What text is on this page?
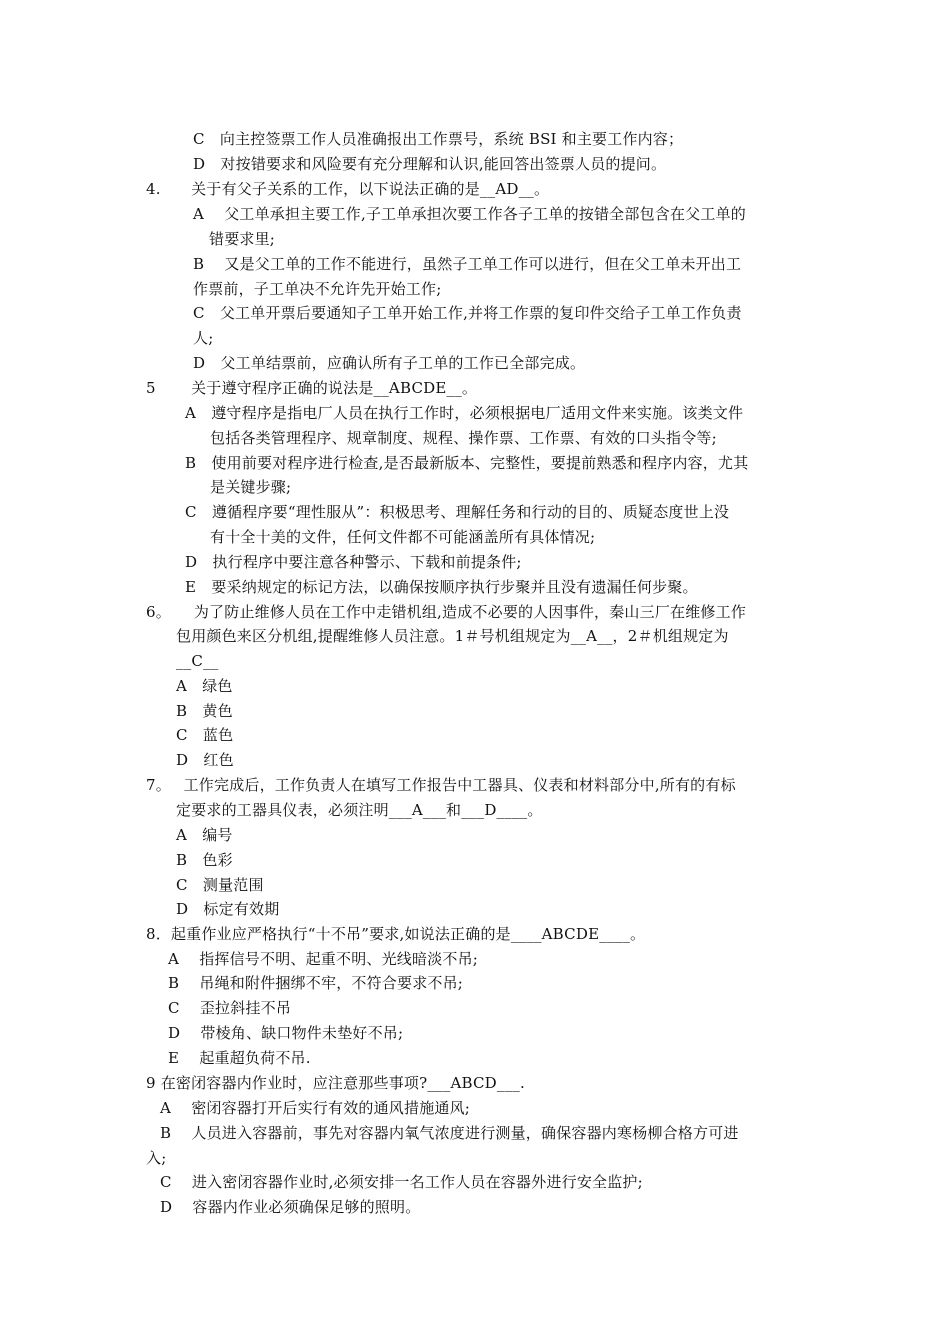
C　向主控签票工作人员准确报出工作票号，系统 BSI 和主要工作内容；
D　对按错要求和风险要有充分理解和认识,能回答出签票人员的提问。
4.　　关于有父子关系的工作，以下说法正确的是__AD__。
A　 父工单承担主要工作,子工单承担次要工作各子工单的按错全部包含在父工单的
错要求里;
B　 又是父工单的工作不能进行，虽然子工单工作可以进行，但在父工单未开出工
作票前，子工单决不允许先开始工作;
C　父工单开票后要通知子工单开始工作,并将工作票的复印件交给子工单工作负责
人;
D　父工单结票前，应确认所有子工单的工作已全部完成。
5　　 关于遵守程序正确的说法是__ABCDE__。
A　遵守程序是指电厂人员在执行工作时，必须根据电厂适用文件来实施。该类文件
包括各类管理程序、规章制度、规程、操作票、工作票、有效的口头指令等;
B　使用前要对程序进行检查,是否最新版本、完整性，要提前熟悉和程序内容，尤其
是关键步骤;
C　遵循程序要“理性服从”：积极思考、理解任务和行动的目的、质疑态度世上没
有十全十美的文件，任何文件都不可能涵盖所有具体情况;
D　执行程序中要注意各种警示、下载和前提条件;
E　要采纳规定的标记方法，以确保按顺序执行步聚并且没有遗漏任何步聚。
6。　　为了防止维修人员在工作中走错机组,造成不必要的人因事件，秦山三厂在维修工作
包用颜色来区分机组,提醒维修人员注意。1＃号机组规定为__A__，2＃机组规定为
__C__
A　绿色
B　黄色
C　蓝色
D　红色
7。　 工作完成后，工作负责人在填写工作报告中工器具、仪表和材料部分中,所有的有标
定要求的工器具仪表，必须注明___A___和___D____。
A　编号
B　色彩
C　测量范围
D　标定有效期
8．起重作业应严格执行“十不吊”要求,如说法正确的是____ABCDE____。
A　 指挥信号不明、起重不明、光线暗淡不吊;
B　 吊绳和附件捆绑不牢，不符合要求不吊;
C　 歪拉斜挂不吊
D　 带棱角、缺口物件未垫好不吊;
E　 起重超负荷不吊.
9 在密闭容器内作业时，应注意那些事项?___ABCD___.
A　 密闭容器打开后实行有效的通风措施通风;
B　 人员进入容器前，事先对容器内氧气浓度进行测量，确保容器内寒杨柳合格方可进
入;
C　 进入密闭容器作业时,必须安排一名工作人员在容器外进行安全监护;
D　 容器内作业必须确保足够的照明。
